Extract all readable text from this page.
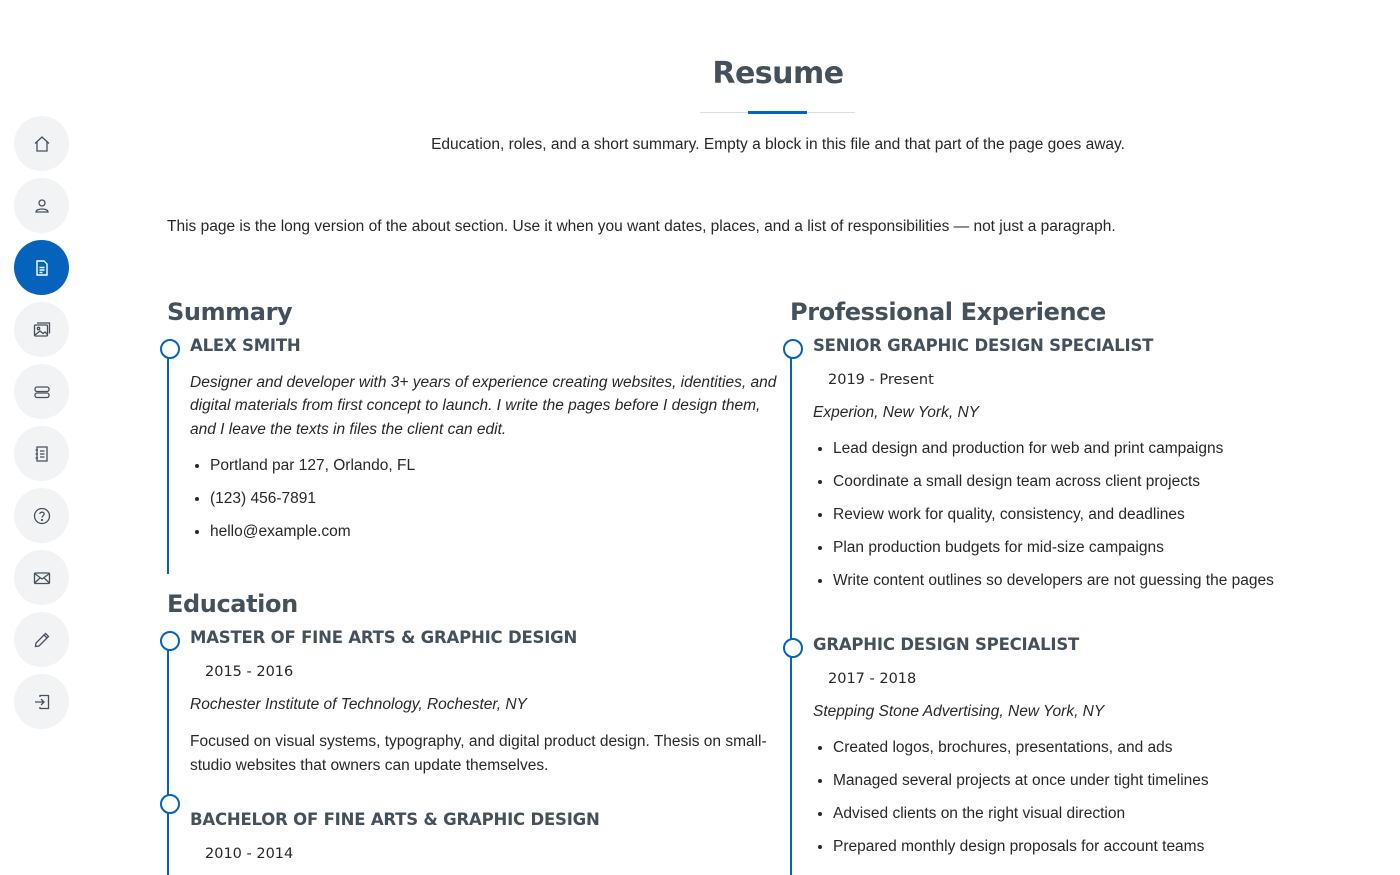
Resume

Education, roles, and a short summary. Empty a block in this file and that part of the page goes away.

This page is the long version of the about section. Use it when you want dates, places, and a list of responsibilities — not just a paragraph.

Summary
ALEX SMITH

Designer and developer with 3+ years of experience creating websites, identities, and digital materials from first concept to launch. I write the pages before I design them, and I leave the texts in files the client can edit.

• Portland par 127, Orlando, FL
• (123) 456-7891
• hello@example.com
Education
MASTER OF FINE ARTS & GRAPHIC DESIGN
2015 - 2016

Rochester Institute of Technology, Rochester, NY

Focused on visual systems, typography, and digital product design. Thesis on small-studio websites that owners can update themselves.

BACHELOR OF FINE ARTS & GRAPHIC DESIGN
2010 - 2014
Professional Experience
SENIOR GRAPHIC DESIGN SPECIALIST
2019 - Present

Experion, New York, NY

• Lead design and production for web and print campaigns
• Coordinate a small design team across client projects
• Review work for quality, consistency, and deadlines
• Plan production budgets for mid-size campaigns
• Write content outlines so developers are not guessing the pages
GRAPHIC DESIGN SPECIALIST
2017 - 2018

Stepping Stone Advertising, New York, NY

• Created logos, brochures, presentations, and ads
• Managed several projects at once under tight timelines
• Advised clients on the right visual direction
• Prepared monthly design proposals for account teams
